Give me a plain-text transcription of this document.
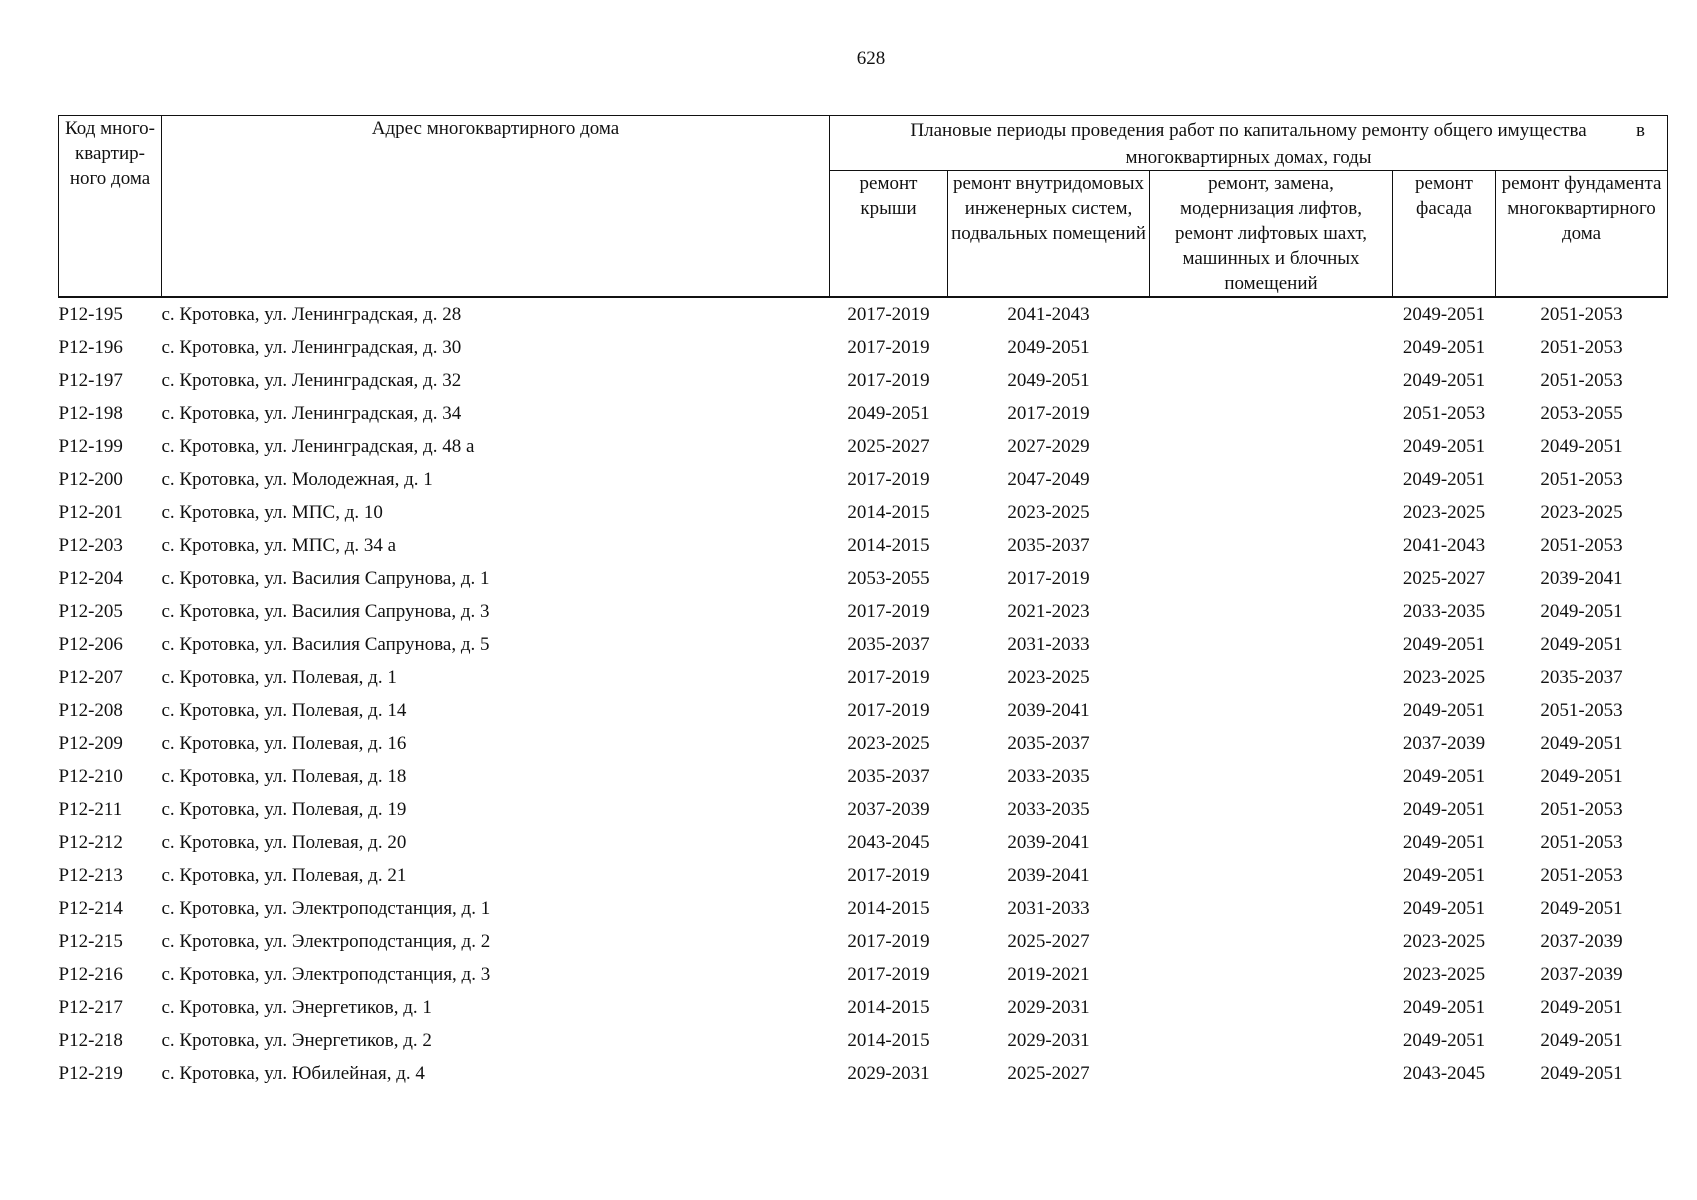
628
Код много-квартир-ного дома	Адрес многоквартирного дома	Плановые периоды проведения работ по капитальному ремонту общего имущества в
многоквартирных домах, годы				

		ремонт крыши	ремонт внутридомовых инженерных систем, подвальных помещений	ремонт, замена, модернизация лифтов, ремонт лифтовых шахт, машинных и блочных помещений	ремонт фасада	ремонт фундамента многоквартирного дома
Р12-195	с. Кротовка, ул. Ленинградская, д. 28	2017-2019	2041-2043		2049-2051	2051-2053
Р12-196	с. Кротовка, ул. Ленинградская, д. 30	2017-2019	2049-2051		2049-2051	2051-2053
Р12-197	с. Кротовка, ул. Ленинградская, д. 32	2017-2019	2049-2051		2049-2051	2051-2053
Р12-198	с. Кротовка, ул. Ленинградская, д. 34	2049-2051	2017-2019		2051-2053	2053-2055
Р12-199	с. Кротовка, ул. Ленинградская, д. 48 а	2025-2027	2027-2029		2049-2051	2049-2051
Р12-200	с. Кротовка, ул. Молодежная, д. 1	2017-2019	2047-2049		2049-2051	2051-2053
Р12-201	с. Кротовка, ул. МПС, д. 10	2014-2015	2023-2025		2023-2025	2023-2025
Р12-203	с. Кротовка, ул. МПС, д. 34 а	2014-2015	2035-2037		2041-2043	2051-2053
Р12-204	с. Кротовка, ул. Василия Сапрунова, д. 1	2053-2055	2017-2019		2025-2027	2039-2041
Р12-205	с. Кротовка, ул. Василия Сапрунова, д. 3	2017-2019	2021-2023		2033-2035	2049-2051
Р12-206	с. Кротовка, ул. Василия Сапрунова, д. 5	2035-2037	2031-2033		2049-2051	2049-2051
Р12-207	с. Кротовка, ул. Полевая, д. 1	2017-2019	2023-2025		2023-2025	2035-2037
Р12-208	с. Кротовка, ул. Полевая, д. 14	2017-2019	2039-2041		2049-2051	2051-2053
Р12-209	с. Кротовка, ул. Полевая, д. 16	2023-2025	2035-2037		2037-2039	2049-2051
Р12-210	с. Кротовка, ул. Полевая, д. 18	2035-2037	2033-2035		2049-2051	2049-2051
Р12-211	с. Кротовка, ул. Полевая, д. 19	2037-2039	2033-2035		2049-2051	2051-2053
Р12-212	с. Кротовка, ул. Полевая, д. 20	2043-2045	2039-2041		2049-2051	2051-2053
Р12-213	с. Кротовка, ул. Полевая, д. 21	2017-2019	2039-2041		2049-2051	2051-2053
Р12-214	с. Кротовка, ул. Электроподстанция, д. 1	2014-2015	2031-2033		2049-2051	2049-2051
Р12-215	с. Кротовка, ул. Электроподстанция, д. 2	2017-2019	2025-2027		2023-2025	2037-2039
Р12-216	с. Кротовка, ул. Электроподстанция, д. 3	2017-2019	2019-2021		2023-2025	2037-2039
Р12-217	с. Кротовка, ул. Энергетиков, д. 1	2014-2015	2029-2031		2049-2051	2049-2051
Р12-218	с. Кротовка, ул. Энергетиков, д. 2	2014-2015	2029-2031		2049-2051	2049-2051
Р12-219	с. Кротовка, ул. Юбилейная, д. 4	2029-2031	2025-2027		2043-2045	2049-2051
